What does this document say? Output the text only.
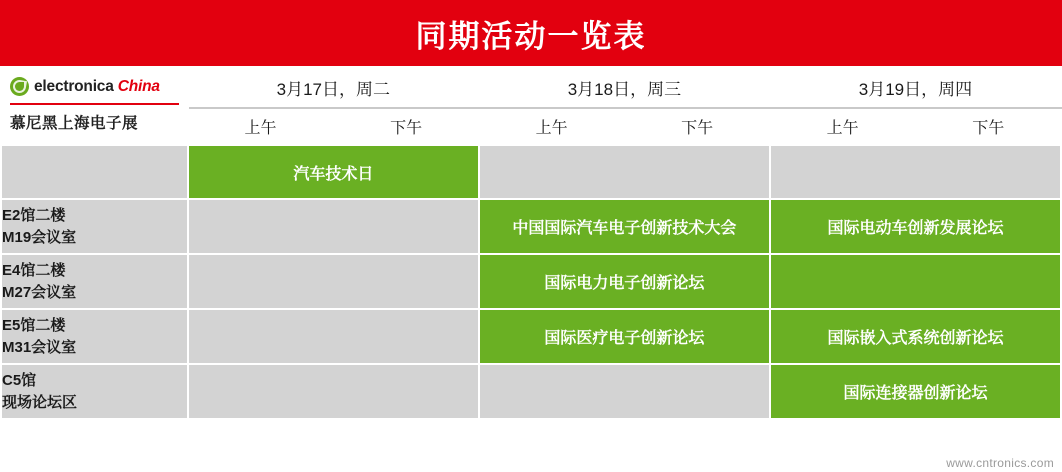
同期活动一览表
electronica China
慕尼黑上海电子展	3月17日，周二		3月18日，周三		3月19日，周四	
	上午	下午	上午	下午	上午	下午
	汽车技术日					

E2馆二楼
M19会议室			中国国际汽车电子创新技术大会		国际电动车创新发展论坛	

E4馆二楼
M27会议室			国际电力电子创新论坛			

E5馆二楼
M31会议室			国际医疗电子创新论坛		国际嵌入式系统创新论坛	

C5馆
现场论坛区					国际连接器创新论坛	
www.cntronics.com
